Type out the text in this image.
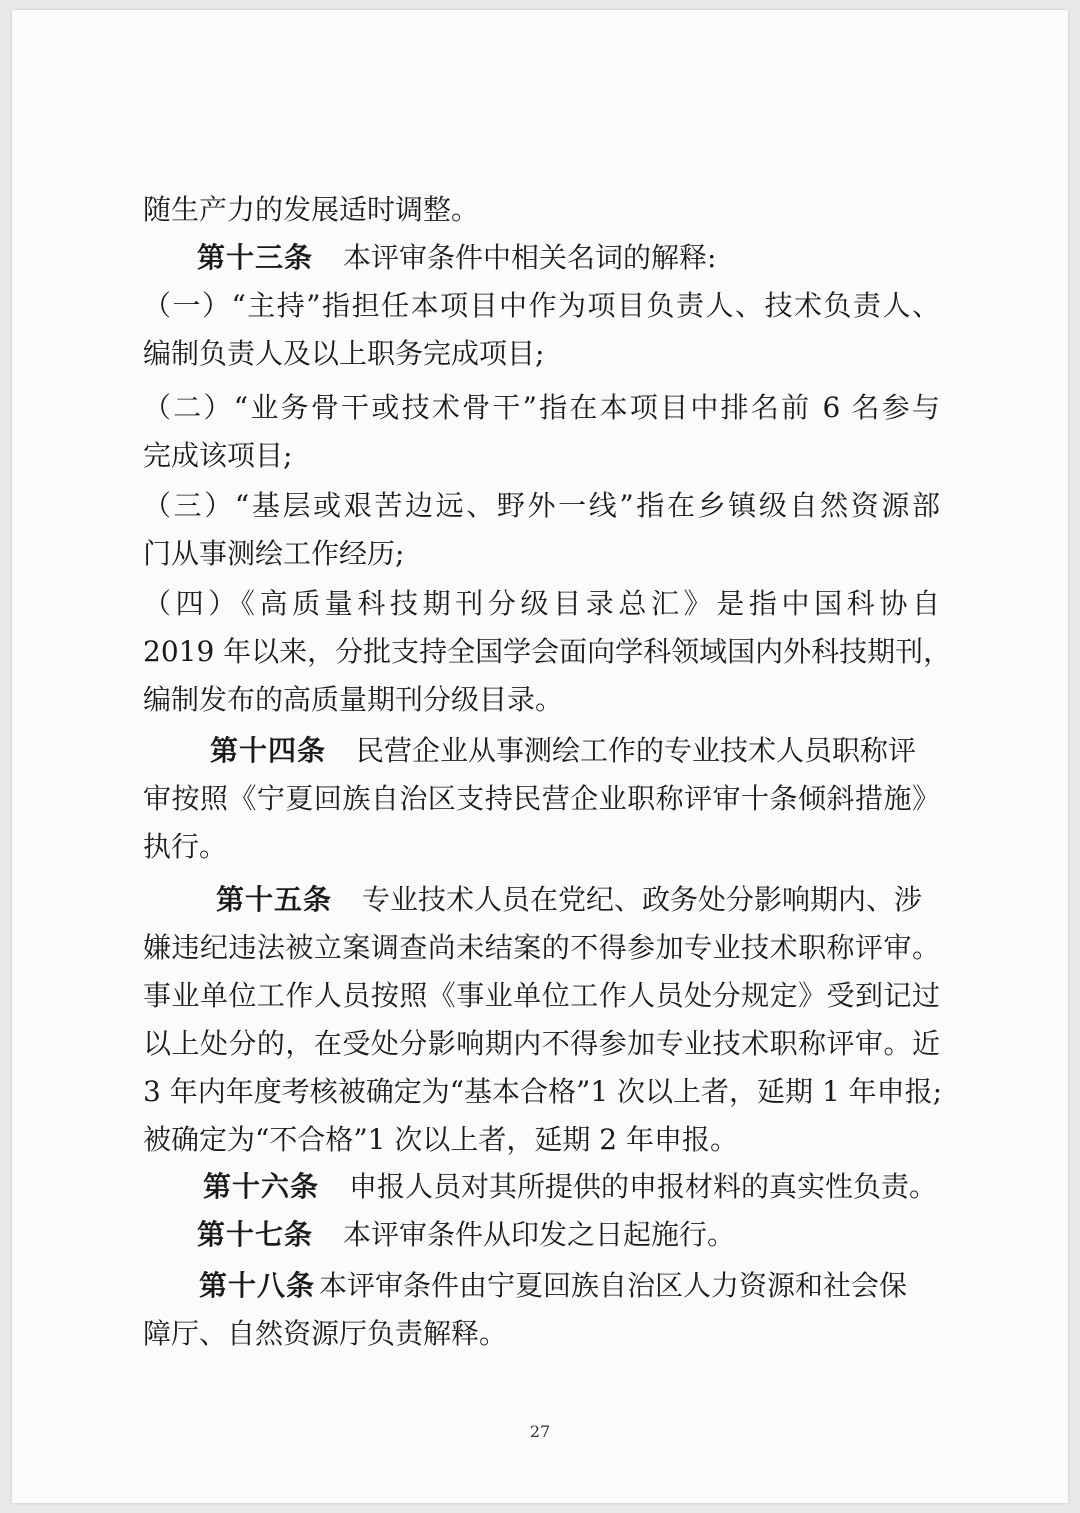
随生产力的发展适时调整。
第十三条 本评审条件中相关名词的解释:
（一）“主持”指担任本项目中作为项目负责人、技术负责人、
编制负责人及以上职务完成项目;
（二）“业务骨干或技术骨干”指在本项目中排名前 6 名参与
完成该项目;
（三）“基层或艰苦边远、野外一线”指在乡镇级自然资源部
门从事测绘工作经历;
（四）《高质量科技期刊分级目录总汇》是指中国科协自
2019 年以来，分批支持全国学会面向学科领域国内外科技期刊，
编制发布的高质量期刊分级目录。
第十四条 民营企业从事测绘工作的专业技术人员职称评
审按照《宁夏回族自治区支持民营企业职称评审十条倾斜措施》
执行。
第十五条 专业技术人员在党纪、政务处分影响期内、涉
嫌违纪违法被立案调查尚未结案的不得参加专业技术职称评审。
事业单位工作人员按照《事业单位工作人员处分规定》受到记过
以上处分的，在受处分影响期内不得参加专业技术职称评审。近
3 年内年度考核被确定为“基本合格”1 次以上者，延期 1 年申报;
被确定为“不合格”1 次以上者，延期 2 年申报。
第十六条 申报人员对其所提供的申报材料的真实性负责。
第十七条 本评审条件从印发之日起施行。
第十八条 本评审条件由宁夏回族自治区人力资源和社会保
障厅、自然资源厅负责解释。
27
